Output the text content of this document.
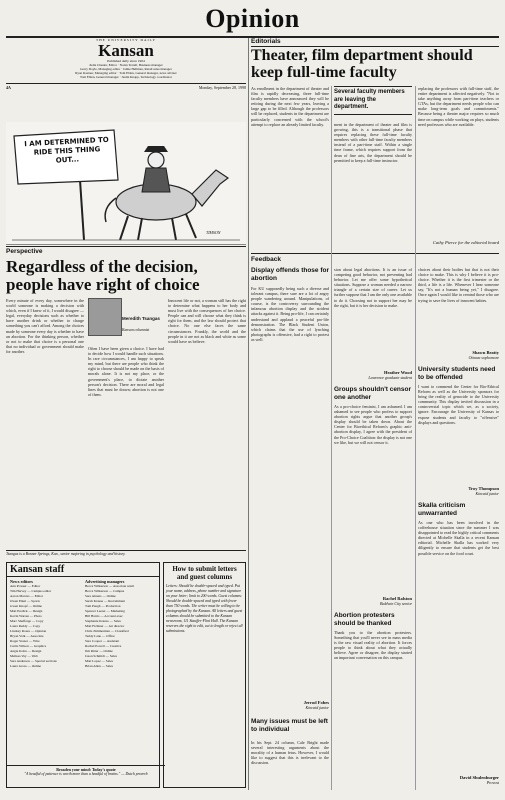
Opinion
THE UNIVERSITY DAILY
Kansan
Published daily since 1904
Judie Chesler, Editor · Nolan Terrell, Business manager
Gerry Doyle, Managing editor · Jamie Hellman, Retail sales manager
Ryan Kastner, Managing editor · Tom Eblen, General manager, news adviser
Tom Eblen, General manager · Justin Knapp, Technology coordinator
4A	Monday, September 28, 1998
I AM DETERMINED TO RIDE THIS THING OUT...
TIMSON
Editorials
Theater, film department should keep full-time faculty
As enrollment in the department of theater and film is rapidly decreasing, three full-time faculty members have announced they will be retiring during the next few years, leaving a large gap to be filled. Although the professors will be replaced, students in the department are particularly concerned with the school's attempt to replace an already limited faculty.
Several faculty members are leaving the department.
ment in the department of theater and film is growing, this is a transitional phase that requires replacing these full-time faculty members with other full-time faculty members instead of a part-time staff. Within a single time frame, which requires support from the dean of fine arts, the department should be permitted to keep a full-time instructor.
replacing the professors with full-time staff, the entire department is affected negatively. "Not to take anything away from part-time teachers or GTAs, but the department needs people who can make long-term goals and commitments." Because being a theater major requires so much time on campus while working on plays, students need professors who are available.
Cathy Pierce for the editorial board
Perspective
Regardless of the decision, people have right of choice
Every minute of every day, somewhere in the world someone is making a decision with which, even if I knew of it, I would disagree — legal, everyday decisions such as whether to have another drink or whether to charge something you can't afford. Among the choices made by someone every day is whether to have an abortion. For the thinking person, whether or not to make that choice is a personal one that no individual or government should make for another.
Often I have been given a choice. I have had to decide how I would handle such situations. In rare circumstances, I am happy to speak my mind, but there are people who think the right to choose should be made on the basis of morals alone. It is not my place, or the government's place, to dictate another person's decision. There are moral and legal lines that must be drawn; abortion is not one of them.
Innocent life or not, a woman still has the right to determine what happens to her body and must live with the consequences of her choice. People can and will choose what they think is right for them, and the law should protect that choice. No one else faces the same circumstances. Frankly, the world and the people in it are not as black and white as some would have us believe.
Meredith Tsangas
Kansan columnist
Tsangas is a Bonner Springs, Kan., senior majoring in psychology and history.
Kansan staff
News editors
Ann Prosser — Editor
Tim Harvey — Campus editor
Aaron Marcus — Editor
Owen Eikel — Sports
Gwen Knopf — Online
Matt Predick — Design
Kevin Warren — Photo
Marc Sheffarge — Copy
Laura Reddy — Copy
Lindsey Rosza — Opinion
Bryan Volk — Associate
Roger Stoner — Wire
Curtis Wilson — Graphics
Angie Kohn — Design
Melissa Vay — Web
Sara Anderson — Special sections
Laura Gross — Online
Advertising managers
Becca Wilkerson — Associate retail
Becca Wilkerson — Campus
Sara Ahrens — Online
Sarah Krause — Recruitment
Tom Paugh — Production
Spencer Leerer — Marketing
Bill Harris — Account exec
Stephanie Krauss — Sales
Matt Fichtner — Art director
Chris Zimmerman — Classified
Teddy Lane — Office
Sara Cooper — Assistant
Rachel Powell — Creative
Jim Ritter — Online
Jason Schmidt — Sales
Matt Lopez — Sales
Brian Allen — Sales
Broaden your mind: Today's quote
"A headful of patience is worth more than a headful of brains." — Dutch proverb
How to submit letters and guest columns
Letters: Should be double-spaced and typed. Put your name, address, phone number and signature on your letter; limit to 200 words. Guest columns: Should be double-spaced and typed with fewer than 750 words. The writer must be willing to be photographed by the Kansan. All letters and guest columns should be submitted to the Kansan newsroom, 111 Stauffer-Flint Hall. The Kansan reserves the right to edit, cut to length or reject all submissions.
Feedback
Display offends those for abortion
For KU supposedly being such a diverse and tolerant campus, there sure are a lot of angry people wandering around. Manipulations, of course, is the controversy surrounding the infamous abortion display and the strident attacks against it. Being pro-life, I can certainly understand and applaud a peaceful pro-life demonstration. The Black Student Union, which claims that the use of lynching photographs is offensive, had a right to protest as well.
Many issues must be left to individual
In his Sept. 24 column, Cale Bright made several interesting arguments about the morality of a human fetus. However, I would like to suggest that this is irrelevant to the discussion.
Jerrod Fobes
Kincaid junior
sion about legal abortions. It is an issue of competing good behavior, not preventing bad behavior. Let me offer some hypothetical situations. Suppose a woman needed a narrow triangle of a certain size of career. Let us further suppose that I am the only one available to do it. Choosing not to support her may be the right, but it is her decision to make.
Heather Wood
Lawrence graduate student
Groups shouldn't censor one another
As a pro-choice feminist, I am ashamed. I am ashamed to see people who profess to support abortion rights argue that another group's display should be taken down. About the Center for Bioethical Reform's graphic anti-abortion display, I agree with the president of the Pro-Choice Coalition: the display is not one we like, but we will not censor it.
Rachel Ralston
Baldwin City senior
Abortion protesters should be thanked
Thank you to the abortion protesters. Something that you'll never see in mass media is the raw visual reality of abortion. It forces people to think about what they actually believe. Agree or disagree, the display started an important conversation on this campus.
choices about their bodies but that is not their choice to make. This is why I believe it is pro-choice. Whether it is the first trimester or the third, a life is a life. Whenever I hear someone say, "It's not a human being yet," I disagree. Once again I would like to remind those who are trying to save the lives of innocent babies.
Shawn Beatty
Ottawa sophomore
University students need to be offended
I want to commend the Center for Bio-Ethical Reform as well as the University sponsors for bring the reality of genocide to the University community. This display invited discussion in a controversial topic which we, as a society, ignore. Encourage the University of Kansas to expose students and faculty to "offensive" displays and questions.
Troy Thompson
Kincaid junior
Skalla criticism unwarranted
As one who has been involved in the coffeehouse situation since the summer I was disappointed to read the highly critical comments directed at Michelle Skalla in a recent Kansan editorial. Michelle Skalla has worked very diligently to ensure that students get the best possible service on the food court.
David Shulenburger
Provost
